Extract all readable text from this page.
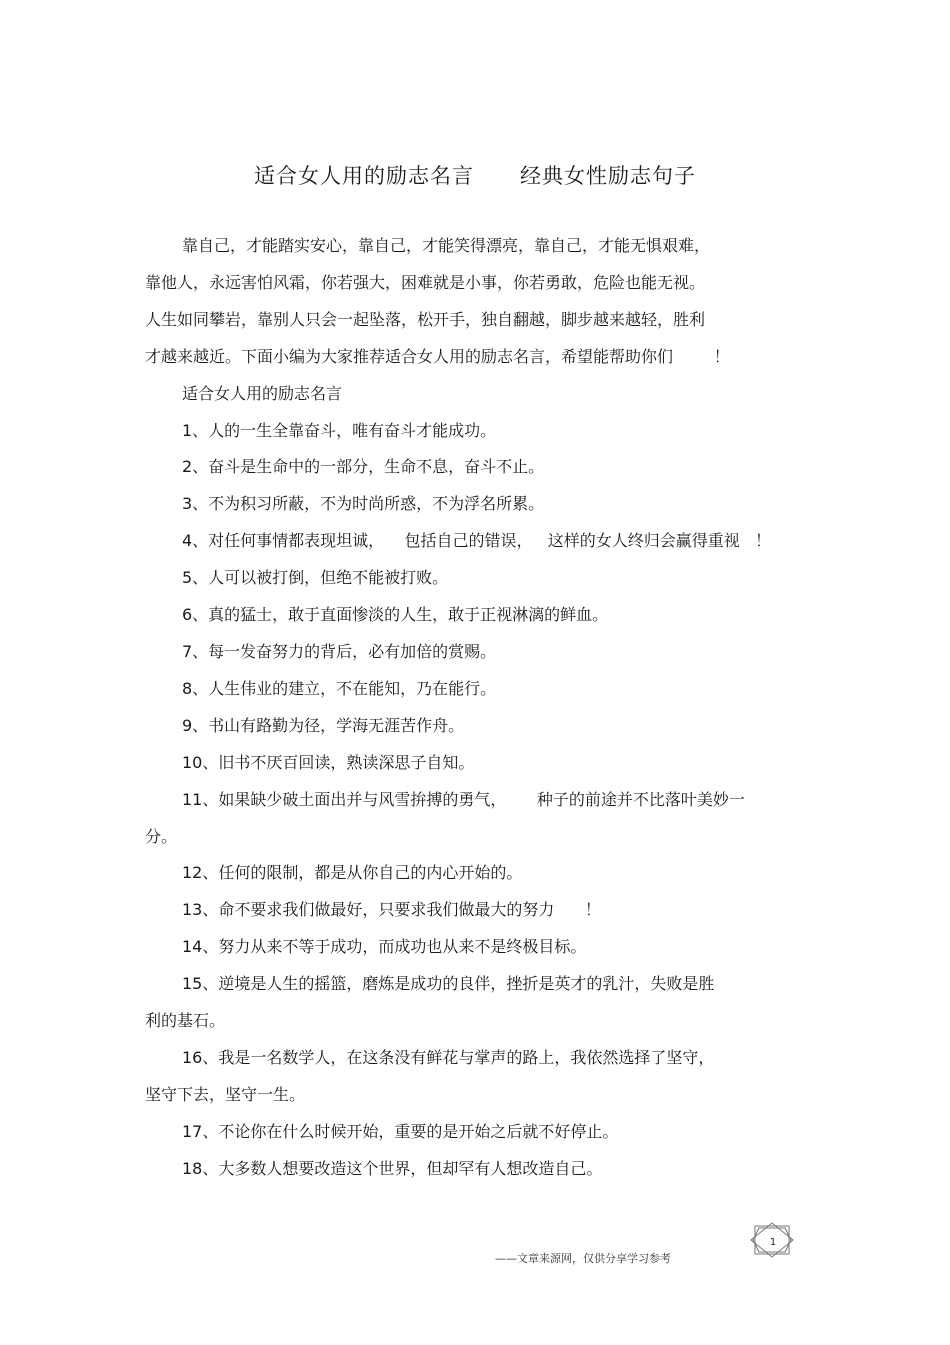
适合女人用的励志名言      经典女性励志句子
靠自己，才能踏实安心，靠自己，才能笑得漂亮，靠自己，才能无惧艰难，
靠他人，永远害怕风霜，你若强大，困难就是小事，你若勇敢，危险也能无视。
人生如同攀岩，靠别人只会一起坠落，松开手，独自翻越，脚步越来越轻，胜利
才越来越近。下面小编为大家推荐适合女人用的励志名言，希望能帮助你们        ！
适合女人用的励志名言
1、人的一生全靠奋斗，唯有奋斗才能成功。
2、奋斗是生命中的一部分，生命不息，奋斗不止。
3、不为积习所蔽，不为时尚所惑，不为浮名所累。
4、对任何事情都表现坦诚，    包括自己的错误，   这样的女人终归会赢得重视   ！
5、人可以被打倒，但绝不能被打败。
6、真的猛士，敢于直面惨淡的人生，敢于正视淋漓的鲜血。
7、每一发奋努力的背后，必有加倍的赏赐。
8、人生伟业的建立，不在能知，乃在能行。
9、书山有路勤为径，学海无涯苦作舟。
10、旧书不厌百回读，熟读深思子自知。
11、如果缺少破土面出并与风雪拚搏的勇气，      种子的前途并不比落叶美妙一
分。
12、任何的限制，都是从你自己的内心开始的。
13、命不要求我们做最好，只要求我们做最大的努力      ！
14、努力从来不等于成功，而成功也从来不是终极目标。
15、逆境是人生的摇篮，磨炼是成功的良伴，挫折是英才的乳汁，失败是胜
利的基石。
16、我是一名数学人，在这条没有鲜花与掌声的路上，我依然选择了坚守，
坚守下去，坚守一生。
17、不论你在什么时候开始，重要的是开始之后就不好停止。
18、大多数人想要改造这个世界，但却罕有人想改造自己。
——文章来源网，仅供分享学习参考
1
